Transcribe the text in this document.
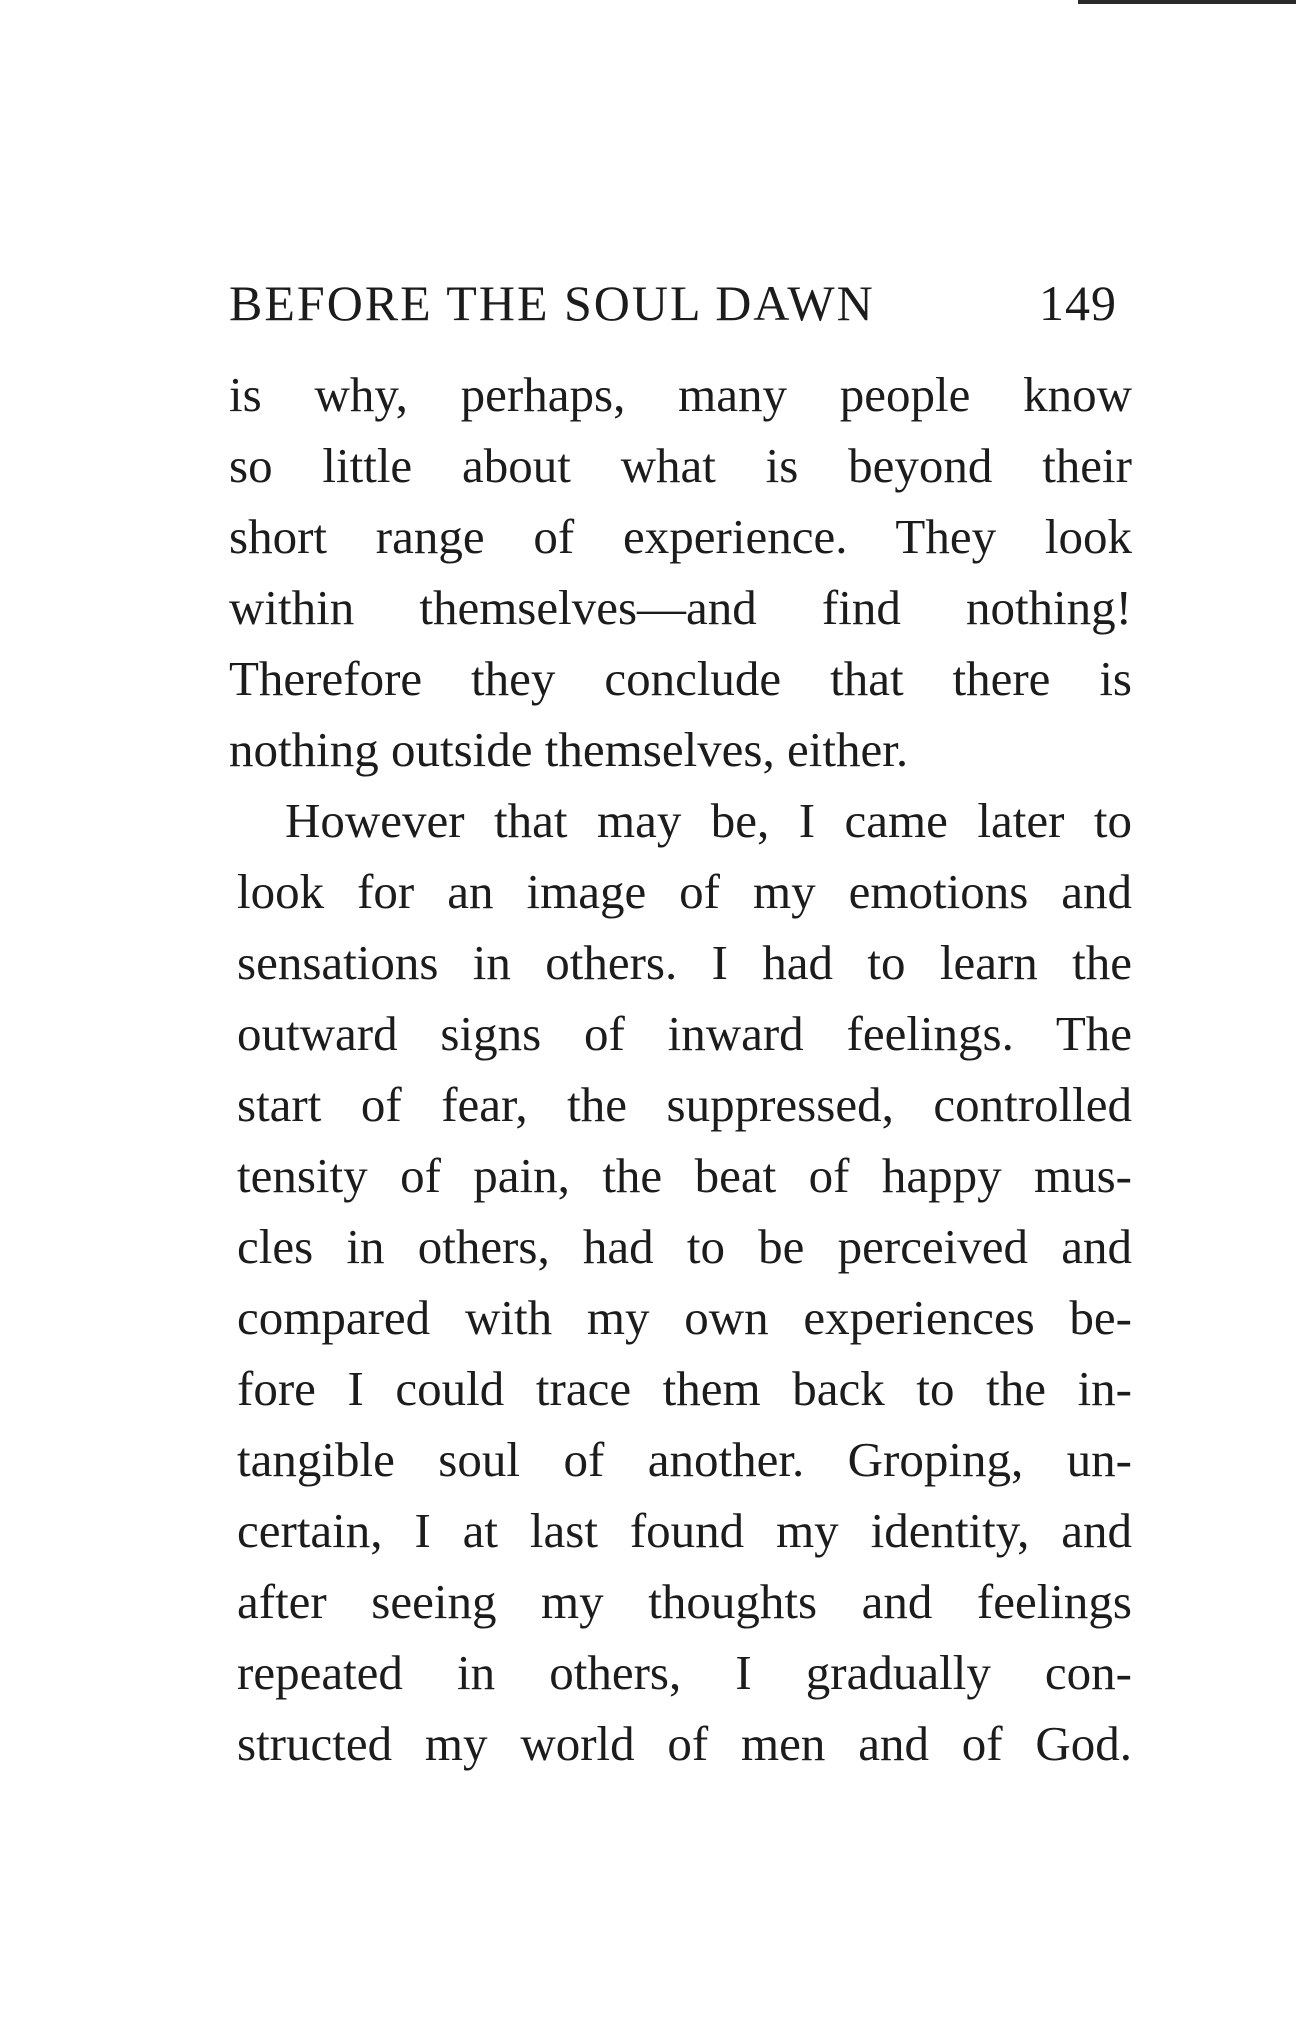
BEFORE THE SOUL DAWN	149
is why, perhaps, many people know
so little about what is beyond their
short range of experience. They look
within themselves—and find nothing!
Therefore they conclude that there is
nothing outside themselves, either.
However that may be, I came later to
look for an image of my emotions and
sensations in others. I had to learn the
outward signs of inward feelings. The
start of fear, the suppressed, controlled
tensity of pain, the beat of happy mus-
cles in others, had to be perceived and
compared with my own experiences be-
fore I could trace them back to the in-
tangible soul of another. Groping, un-
certain, I at last found my identity, and
after seeing my thoughts and feelings
repeated in others, I gradually con-
structed my world of men and of God.
